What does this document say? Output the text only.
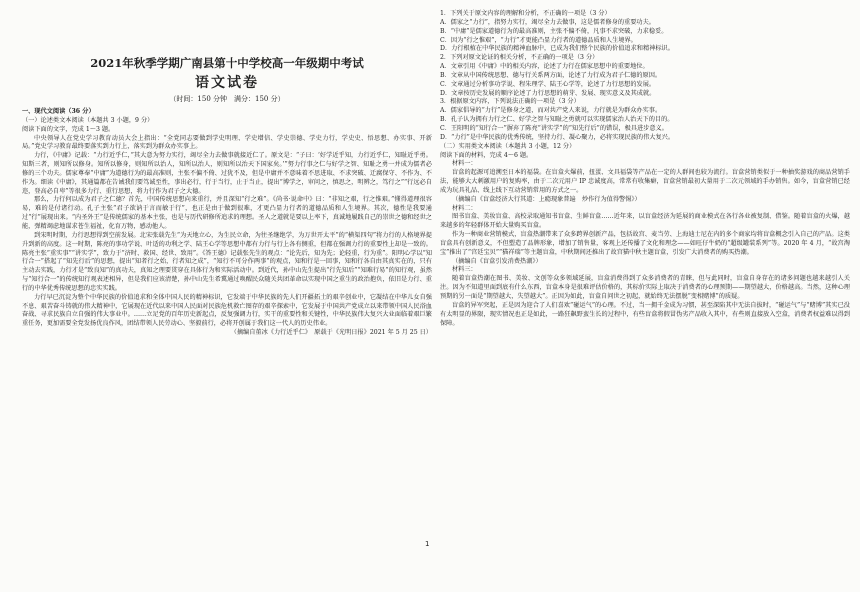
2021年秋季学期广南县第十中学校高一年级期中考试
语文试卷
（时间：150 分钟　满分：150 分）

一、现代文阅读（36 分）

（一）论述类文本阅读（本题共 3 小题，9 分）

阅读下面的文字，完成 1～3 题。

中央领导人在党史学习教育动员大会上指出：“全党同志要做到学史明理、学史增信、学史崇德、学史力行，学史史、悟思想、办实事、开新局。”党史学习教育最终要落实到力行上，落实到为群众办实事上。

力行，《中庸》记载：“力行近乎仁，”其大意为努力实行，竭尽全力去做事就接近仁了。原文是：“子曰：‘好学近乎知，力行近乎仁，知耻近乎勇。知斯三者，则知所以修身。知所以修身，则知所以治人，知所以治人，则知所以治天下国家矣。’”努力行事之仁与好学之智、知耻之勇一并成为儒者必修的三个功夫。儒家尊奉“中庸”为道德行为的最高准则，主张不偏不倚、过犹不及，但是中庸并不意味着不思进取、不求突破、迁腐保守、不作为、不作为。细读《中庸》，其通篇都在告诫我们要笃诚至性，事出必行，行于当行，止于当止，提出“博学之，审问之，慎思之，明辨之，笃行之”“行远必自迩，登高必自卑”等很多力行、重行思想，将力行作为君子之大德。

那么，力行何以成为君子之仁德？首先，中国传统思想向来重行，并且深知“行之难”。《尚书·说命中》曰：“非知之艰，行之惟艰。”懂得道理很容易，难的是付诸行动。孔子主张“君子欲讷于言而敏于行”，也正是由于做到很难，才更凸显力行者的道德品质和人生境界。其次，德性是我要通过“行”展现出来。“内圣外王”是传统儒家的基本主张，也是与历代研修所追求的理想。圣人之道就是要以上率下，真诚地履践自己的崇世之德和经世之能，弹精竭虑地谋求苍生福祉，化育万物，感动他人。

到宋明时期，力行思想得到空前发展。北宋张载先生“为天地立心，为生民立命，为往圣继绝学，为万世开太平”的“横渠四句”将力行的人格境界提升到新的高度。这一时期，陈亮的事功学说、叶适的功利之学、陆王心学等思想中都有力行与行上各有侧重，但都在强调力行的重要性上却是一致的。陈亮主张“重实事”“讲实学”，致力于“济时、救国、经世、致用”。《答王德》记载张先生的观点：“论先后，知为先；论轻重，行为重”。阳明心学以“知行合一”搭起了“知先行后”的思想，提出“知者行之始，行者知之成”，“知行不可分作两事”的观点，知和行是一回事，知和行各自由其真实在的，只有主动去实践，力行才是“致良知”的真功夫，真知之理要贯穿在具体行为和实际活动中。到近代，孙中山先生提出“行先知后”“知难行易”的知行观，虽然与“知行合一”的传统知行观表述相异，但是我们应该清楚，孙中山先生希冀通过唤醒民众随关共团革命以实现中国之重生的政治抱负，依旧是力行、重行的中华优秀传统思想的忠实实践。

力行早已沉淀为整个中华民族的价值追求和全体中国人民的精神标识，它发端于中华民族的先人们开疆拓土的艰辛创业中，它凝结在中华儿女自强不息、艰苦奋斗铸就的伟大精神中，它展现在近代以来中国人民面对民族危机救亡图存的艰辛探索中，它发展于中国共产党成立以来带领中国人民浴血奋战、寻求民族自立自强的伟大事业中。……立足党的百年历史新起点，反复强调力行，实干的重要性和关键性，中华民族伟大复兴大业面临着艰巨繁重任务，更加需要全党发扬优良作风，团结带领人民劳动心、坚毅前行，必将开创属于我们这一代人的历史伟业。

（摘编自董冰《力行近乎仁》　原载于《光明日报》2021 年 5 月 25 日）

1．下列关于原文内容的理解和分析，不正确的一项是（3 分）

A．儒家之“力行”，指努力实行，竭尽全力去做事，这是儒者修身的重要功夫。

B．“中庸”是儒家道德行为的最高准则，主张不偏不倚，凡事不求突破，力求稳妥。

C．因为“行之惟艰”，“力行”才更能凸显力行者的道德品质和人生境界。

D．力行根植在中华民族的精神血脉中，已成为我们整个民族的价值追求和精神标识。

2．下列对原文论证的相关分析，不正确的一项是（3 分）

A．文章引用《中庸》中的相关内容，论述了力行在儒家思想中的重要地位。

B．文章从中国传统思想、德与行关系两方面，论述了力行成为君子仁德的原因。

C．文章通过分析事功学说、程朱理学、陆王心学等，论述了力行思想的发展。

D．文章按历史发展的顺序论述了力行思想的萌芽、发展、现实意义及其成就。

3．根据原文内容，下列说法正确的一项是（3 分）

A．儒家倡导的“力行”是修身之道，而对共产党人来说，力行就是为群众办实事。

B．孔子认为拥有力行之仁、好学之智与知耻之勇就可以实现儒家治人治天下的目的。

C．王阳明的“知行合一”摒弃了陈亮“讲实学”的“知先行后”的错误，极具进步意义。

D．“力行”是中华民族的优秀传统，坚持力行、凝心聚力，必将实现民族的伟大复兴。

（二）实用类文本阅读（本题共 3 小题，12 分）

阅读下面的材料，完成 4～6 题。

材料一：

盲盒的起源可追溯至日本的福袋。在盲盒火爆前，扭蛋、文具福袋等产品在一定的人群间也较为流行。盲盒营销类似于一种抽奖游戏的商品营销手法，能够大大刺激用户的复购率，由于二次元用户 IP 忠诚度高，常常有收集癖，盲盒营销最初大量用于二次元领域的手办销售。如今，盲盒营销已经成为玩具礼品、线上线下互动营销常用的方式之一。

（摘编自《盲盒经济大行其道：上瘾现象普遍　炒作行为值得警惕》）

材料二：

图书盲盒、美妆盲盒、高校录取通知书盲盒、生鲜盲盒……近年来，以盲盒经济为延展的商业模式在各行各业被复制、借鉴。随着盲盒的火爆，越来越多的年轻群体开始大量购买盲盒。

作为一种商业营销模式，盲盒热潮带来了众多跨界创新产品，包括故宫、麦当劳、上海迪士尼在内的多个商家均将盲盒概念引入自己的产品。这类盲盒具有创新意义，不但塑造了品牌形象，增加了销售量，客观上还传播了文化和理念——如旺仔牛奶的“超级罐装系列”等。2020 年 4 月，“故宫淘宝”推出了“宫廷宝贝”“猫祥瑞”等主题盲盒，中秋期间还推出了故宫猫中秋主题盲盒，引发广大消费者的购买热潮。

（摘编自《盲盒引发消费热潮》）

材料三：

随着盲盒热潮在图书、美妆、文创等众多领域延展，盲盒消费得到了众多消费者的青睐，但与此同时，盲盒自身存在的诸多问题也越来越引人关注。因为不知道里面到底有什么东西，盲盒本身是很难评估价格的，其标价实际上取决于消费者的心理预期——期望越大，价格越高。当然，这种心理预期的另一面是“期望越大，失望越大”。正因为如此，盲盒自问世之初起，就始终无法摆脱“变相赌博”的质疑。

盲盒的异军突起，正是因为迎合了人们喜欢“碰运气”的心理。不过，当一拥千金成为习惯，甚至深陷其中无法自拔时，“碰运气”与“赌博”其实已没有太明显的界限，现实情况也正是如此，一路狂飙野蛮生长的过程中，有些盲盒将假冒伪劣产品收入其中，有些则直接放入空盒，消费者权益难以得到保障。

1
